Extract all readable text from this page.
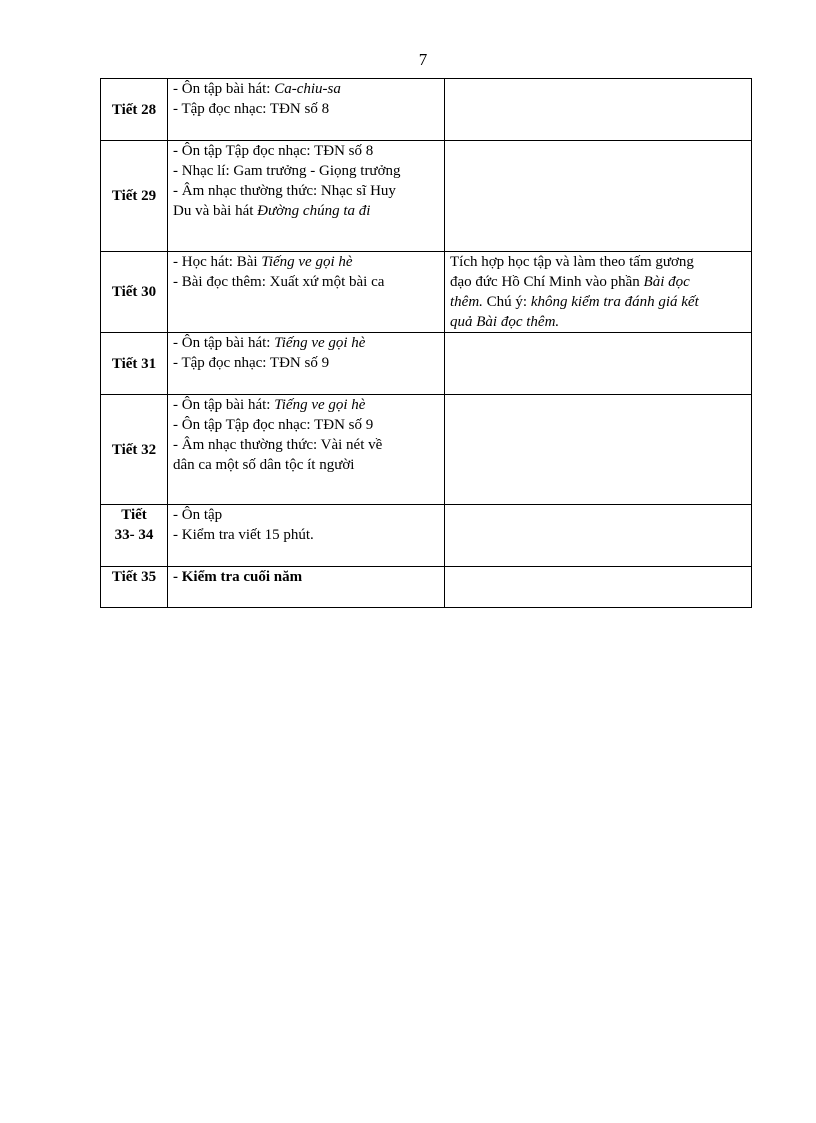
7
Tiết 28	- Ôn tập bài hát: Ca-chiu-sa
- Tập đọc nhạc: TĐN số 8	

Tiết 29	- Ôn tập Tập đọc nhạc: TĐN số 8
- Nhạc lí: Gam trưởng - Giọng trưởng
- Âm nhạc thường thức: Nhạc sĩ Huy
Du và bài hát Đường chúng ta đi	

Tiết 30	- Học hát: Bài Tiếng ve gọi hè
- Bài đọc thêm: Xuất xứ một bài ca	Tích hợp học tập và làm theo tấm gương
đạo đức Hồ Chí Minh vào phần Bài đọc
thêm. Chú ý: không kiểm tra đánh giá kết
quả Bài đọc thêm.

Tiết 31	- Ôn tập bài hát: Tiếng ve gọi hè
- Tập đọc nhạc: TĐN số 9	

Tiết 32	- Ôn tập bài hát: Tiếng ve gọi hè
- Ôn tập Tập đọc nhạc: TĐN số 9
- Âm nhạc thường thức: Vài nét về
dân ca một số dân tộc ít người	

Tiết
33- 34	- Ôn tập
- Kiểm tra viết 15 phút.	

Tiết 35	- Kiểm tra cuối năm	
